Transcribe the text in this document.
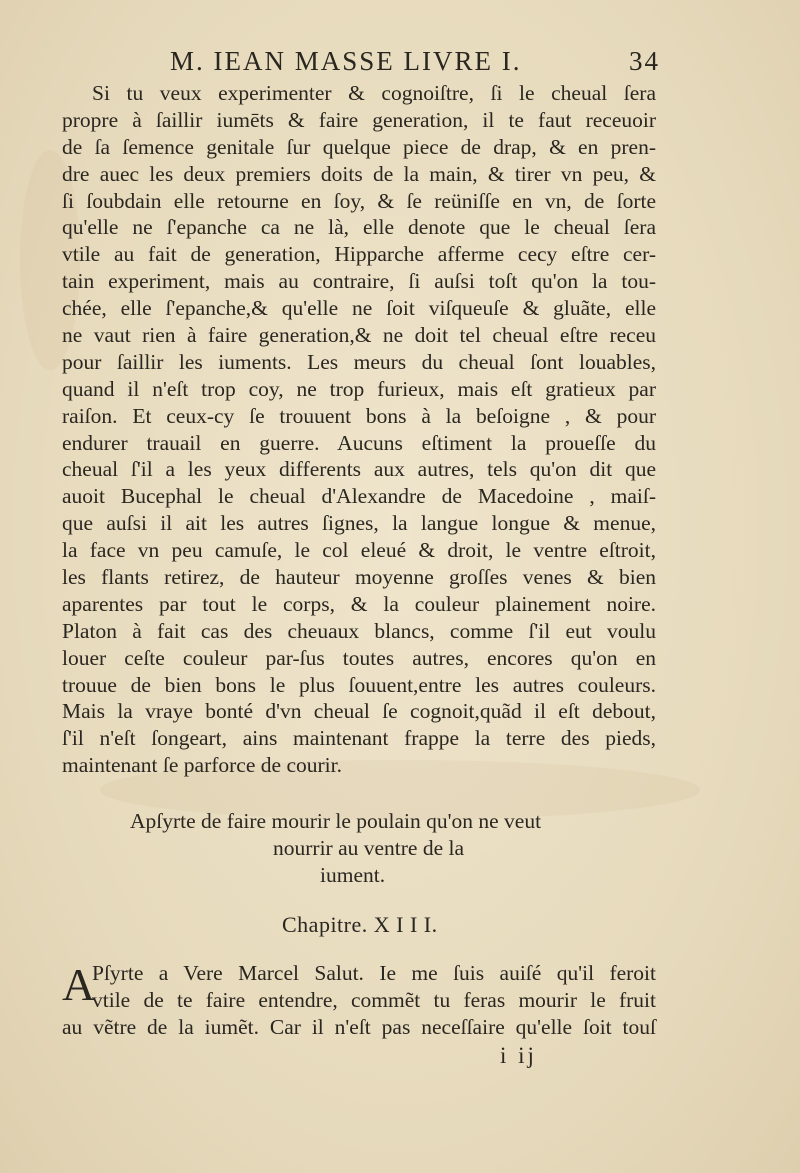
M. IEAN MASSE LIVRE I.	34
Si tu veux experimenter & cognoiſtre, ſi le cheual ſera
propre à ſaillir iumēts & faire generation, il te faut receuoir
de ſa ſemence genitale ſur quelque piece de drap, & en pren-
dre auec les deux premiers doits de la main, & tirer vn peu, &
ſi ſoubdain elle retourne en ſoy, & ſe reüniſſe en vn, de ſorte
qu'elle ne ſ'epanche ca ne là, elle denote que le cheual ſera
vtile au fait de generation, Hipparche afferme cecy eſtre cer-
tain experiment, mais au contraire, ſi auſsi toſt qu'on la tou-
chée, elle ſ'epanche,& qu'elle ne ſoit viſqueuſe & gluãte, elle
ne vaut rien à faire generation,& ne doit tel cheual eſtre receu
pour ſaillir les iuments. Les meurs du cheual ſont louables,
quand il n'eſt trop coy, ne trop furieux, mais eſt gratieux par
raiſon. Et ceux-cy ſe trouuent bons à la beſoigne , & pour
endurer trauail en guerre. Aucuns eſtiment la proueſſe du
cheual ſ'il a les yeux differents aux autres, tels qu'on dit que
auoit Bucephal le cheual d'Alexandre de Macedoine , maiſ-
que auſsi il ait les autres ſignes, la langue longue & menue,
la face vn peu camuſe, le col eleué & droit, le ventre eſtroit,
les flants retirez, de hauteur moyenne groſſes venes & bien
aparentes par tout le corps, & la couleur plainement noire.
Platon à fait cas des cheuaux blancs, comme ſ'il eut voulu
louer ceſte couleur par-ſus toutes autres, encores qu'on en
trouue de bien bons le plus ſouuent,entre les autres couleurs.
Mais la vraye bonté d'vn cheual ſe cognoit,quãd il eſt debout,
ſ'il n'eſt ſongeart, ains maintenant frappe la terre des pieds,
maintenant ſe parforce de courir.
Apſyrte de faire mourir le poulain qu'on ne veut
nourrir au ventre de la
iument.
Chapitre. X I I I.
A
Pſyrte a Vere Marcel Salut. Ie me ſuis auiſé qu'il feroit
vtile de te faire entendre, commẽt tu feras mourir le fruit
au vẽtre de la iumẽt. Car il n'eſt pas neceſſaire qu'elle ſoit touſ
i ij
